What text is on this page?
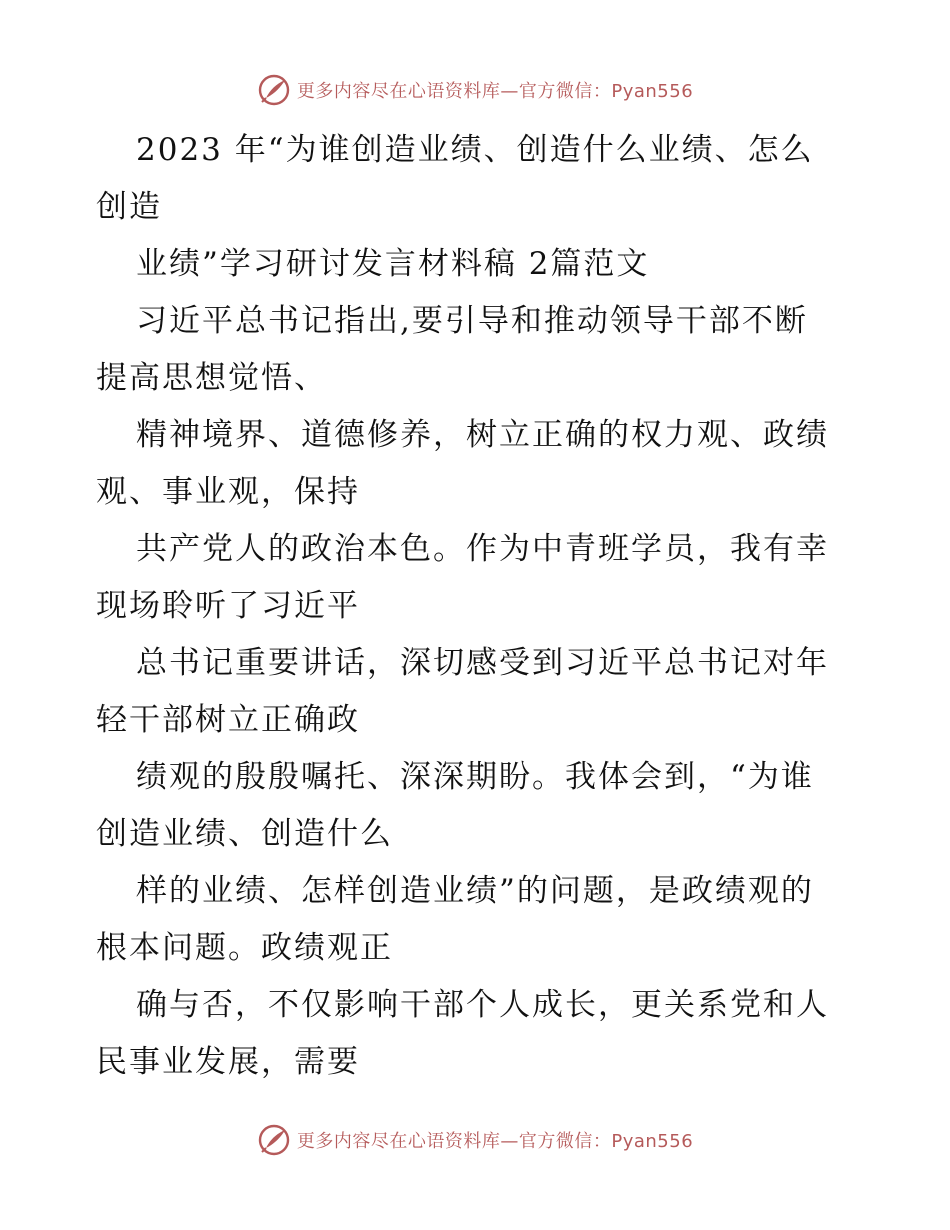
更多内容尽在心语资料库—官方微信：Pyan556
2023 年“为谁创造业绩、创造什么业绩、怎么
创造
业绩”学习研讨发言材料稿 2篇范文
习近平总书记指出,要引导和推动领导干部不断
提高思想觉悟、
精神境界、道德修养，树立正确的权力观、政绩
观、事业观，保持
共产党人的政治本色。作为中青班学员，我有幸
现场聆听了习近平
总书记重要讲话，深切感受到习近平总书记对年
轻干部树立正确政
绩观的殷殷嘱托、深深期盼。我体会到，“为谁
创造业绩、创造什么
样的业绩、怎样创造业绩”的问题，是政绩观的
根本问题。政绩观正
确与否，不仅影响干部个人成长，更关系党和人
民事业发展，需要
更多内容尽在心语资料库—官方微信：Pyan556
